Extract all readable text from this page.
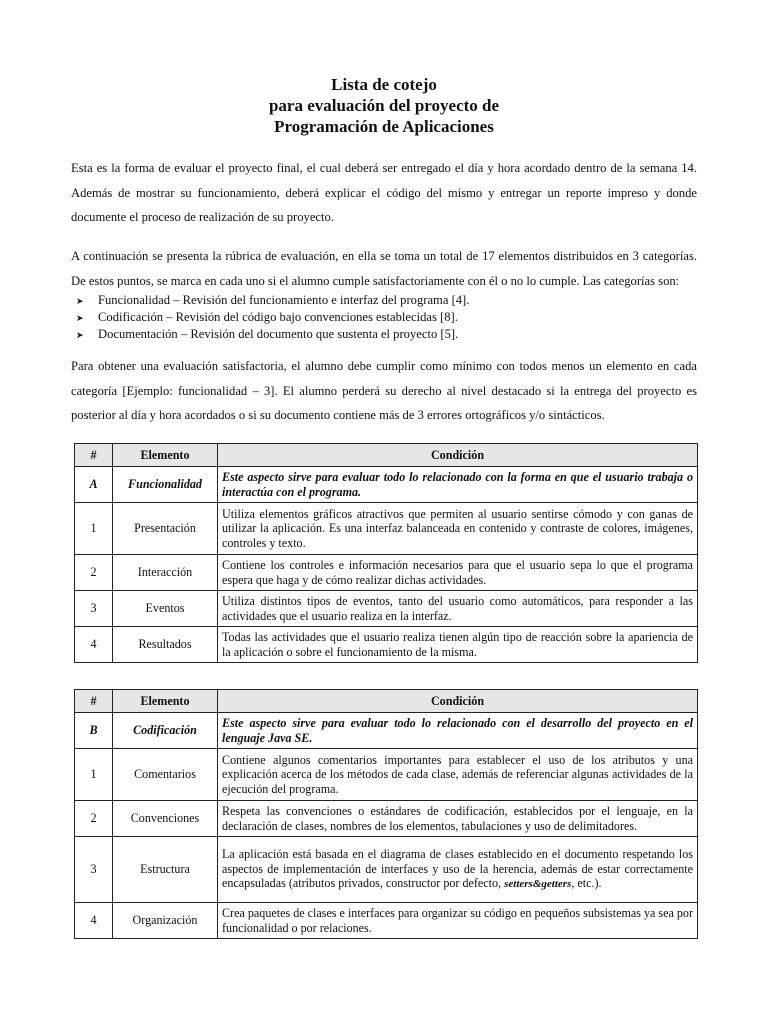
Lista de cotejo
para evaluación del proyecto de
Programación de Aplicaciones
Esta es la forma de evaluar el proyecto final, el cual deberá ser entregado el día y hora acordado dentro de la semana 14.
Además de mostrar su funcionamiento, deberá explicar el código del mismo y entregar un reporte impreso y donde
documente el proceso de realización de su proyecto.
A continuación se presenta la rúbrica de evaluación, en ella se toma un total de 17 elementos distribuidos en 3 categorías.
De estos puntos, se marca en cada uno si el alumno cumple satisfactoriamente con él o no lo cumple. Las categorías son:
➤	Funcionalidad – Revisión del funcionamiento e interfaz del programa [4].
➤	Codificación – Revisión del código bajo convenciones establecidas [8].
➤	Documentación – Revisión del documento que sustenta el proyecto [5].
Para obtener una evaluación satisfactoria, el alumno debe cumplir como mínimo con todos menos un elemento en cada
categoría [Ejemplo: funcionalidad – 3]. El alumno perderá su derecho al nivel destacado si la entrega del proyecto es
posterior al día y hora acordados o si su documento contiene más de 3 errores ortográficos y/o sintácticos.
#	Elemento	Condición
A	Funcionalidad	Este aspecto sirve para evaluar todo lo relacionado con la forma en que el usuario trabaja o interactúa con el programa.
1	Presentación	Utiliza elementos gráficos atractivos que permiten al usuario sentirse cómodo y con ganas de utilizar la aplicación. Es una interfaz balanceada en contenido y contraste de colores, imágenes, controles y texto.
2	Interacción	Contiene los controles e información necesarios para que el usuario sepa lo que el programa espera que haga y de cómo realizar dichas actividades.
3	Eventos	Utiliza distintos tipos de eventos, tanto del usuario como automáticos, para responder a las actividades que el usuario realiza en la interfaz.
4	Resultados	Todas las actividades que el usuario realiza tienen algún tipo de reacción sobre la apariencia de la aplicación o sobre el funcionamiento de la misma.
#	Elemento	Condición
B	Codificación	Este aspecto sirve para evaluar todo lo relacionado con el desarrollo del proyecto en el lenguaje Java SE.
1	Comentarios	Contiene algunos comentarios importantes para establecer el uso de los atributos y una explicación acerca de los métodos de cada clase, además de referenciar algunas actividades de la ejecución del programa.
2	Convenciones	Respeta las convenciones o estándares de codificación, establecidos por el lenguaje, en la declaración de clases, nombres de los elementos, tabulaciones y uso de delimitadores.
3	Estructura	La aplicación está basada en el diagrama de clases establecido en el documento respetando los aspectos de implementación de interfaces y uso de la herencia, además de estar correctamente encapsuladas (atributos privados, constructor por defecto, setters&getters, etc.).
4	Organización	Crea paquetes de clases e interfaces para organizar su código en pequeños subsistemas ya sea por funcionalidad o por relaciones.
